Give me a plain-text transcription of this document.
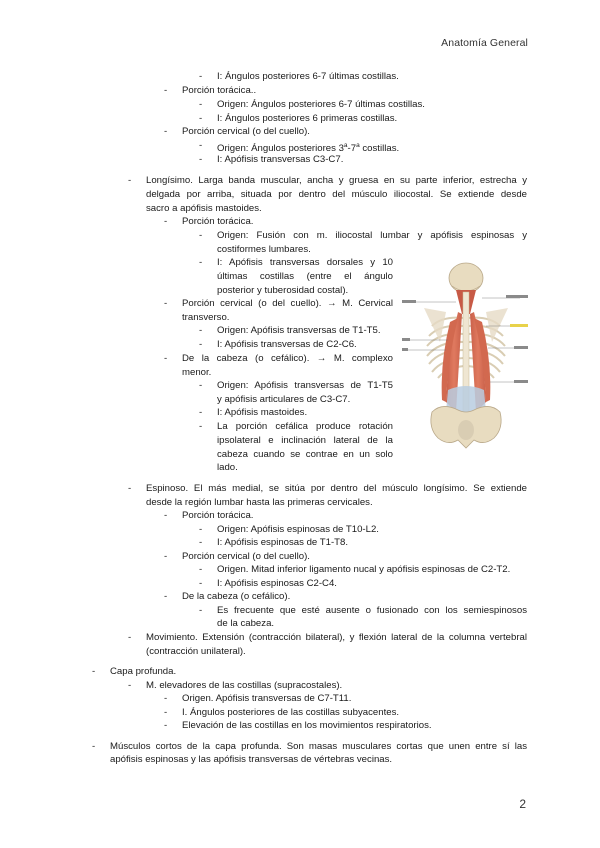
Anatomía General
- I: Ángulos posteriores 6-7 últimas costillas.
- Porción torácica..
- Origen: Ángulos posteriores 6-7 últimas costillas.
- I: Ángulos posteriores 6 primeras costillas.
- Porción cervical (o del cuello).
- Origen: Ángulos posteriores 3$^a$-7$^a$ costillas.
- I: Apófisis transversas C3-C7.
- Longísimo. Larga banda muscular, ancha y gruesa en su parte inferior, estrecha y
delgada por arriba, situada por dentro del músculo iliocostal. Se extiende desde
sacro a apófisis mastoides.
- Porción torácica.
- Origen: Fusión con m. iliocostal lumbar y apófisis espinosas y
costiformes lumbares.
- I: Apófisis transversas dorsales y 10
últimas costillas (entre el ángulo
posterior y tuberosidad costal).
- Porción cervical (o del cuello). → M. Cervical
transverso.
- Origen: Apófisis transversas de T1-T5.
- I: Apófisis transversas de C2-C6.
- De la cabeza (o cefálico). → M. complexo
menor.
- Origen: Apófisis transversas de T1-T5
y apófisis articulares de C3-C7.
- I: Apófisis mastoides.
- La porción cefálica produce rotación
ipsolateral e inclinación lateral de la
cabeza cuando se contrae en un solo
lado.
- Espinoso. El más medial, se sitúa por dentro del músculo longísimo. Se extiende
desde la región lumbar hasta las primeras cervicales.
- Porción torácica.
- Origen: Apófisis espinosas de T10-L2.
- I: Apófisis espinosas de T1-T8.
- Porción cervical (o del cuello).
- Origen. Mitad inferior ligamento nucal y apófisis espinosas de C2-T2.
- I: Apófisis espinosas C2-C4.
- De la cabeza (o cefálico).
- Es frecuente que esté ausente o fusionado con los semiespinosos
de la cabeza.
- Movimiento. Extensión (contracción bilateral), y flexión lateral de la columna vertebral
(contracción unilateral).
- Capa profunda.
- M. elevadores de las costillas (supracostales).
- Origen. Apófisis transversas de C7-T11.
- I. Ángulos posteriores de las costillas subyacentes.
- Elevación de las costillas en los movimientos respiratorios.
- Músculos cortos de la capa profunda. Son masas musculares cortas que unen entre sí las
apófisis espinosas y las apófisis transversas de vértebras vecinas.
2
